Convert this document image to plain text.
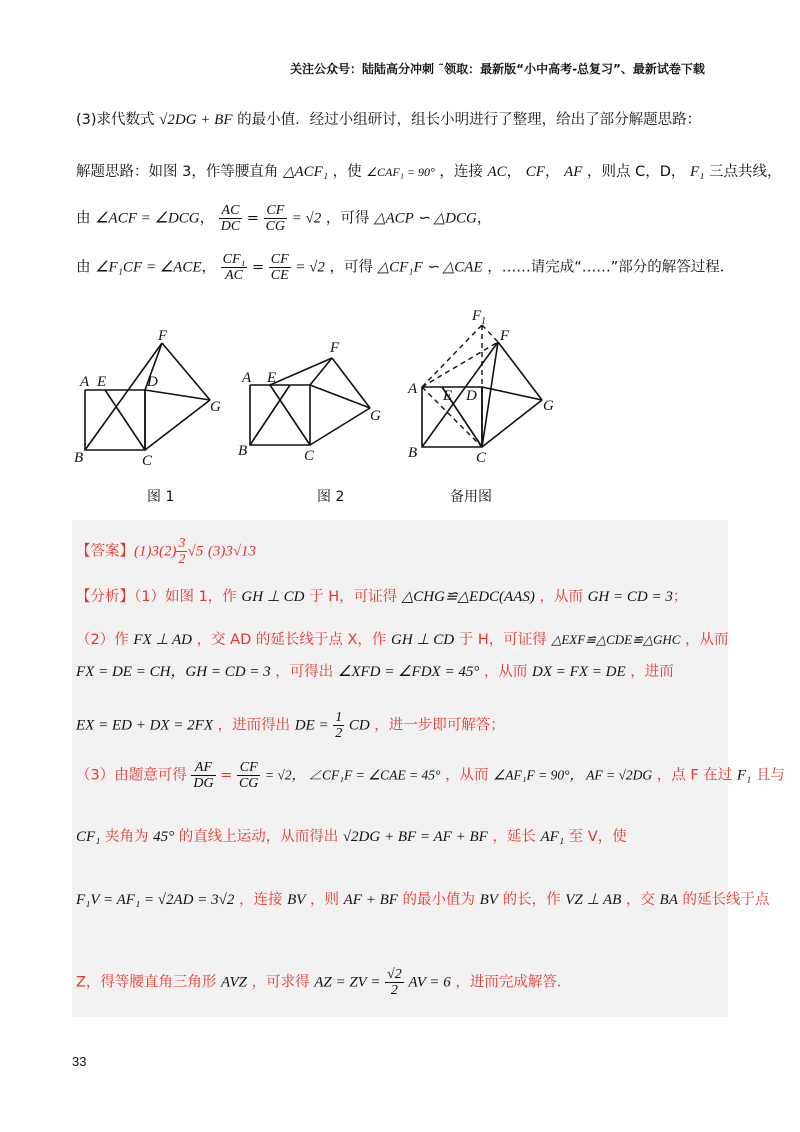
关注公众号：陆陆高分冲刺 ˜领取：最新版“小中高考-总复习”、最新试卷下载
(3)求代数式 √2DG + BF 的最小值．经过小组研讨，组长小明进行了整理，给出了部分解题思路：
解题思路：如图 3，作等腰直角 △ACF₁ ，使 ∠CAF₁ = 90° ，连接 AC， CF， AF ，则点 C，D， F₁ 三点共线，
由 ∠ACF = ∠DCG， $\frac{AC}{DC} = \frac{CF}{CG} = √2$ ，可得 △ACP ∽ △DCG，
由 ∠F₁CF = ∠ACE， $\frac{\text{CF₁}}{AC} = \frac{CF}{CE} = √2$ ，可得 △CF₁F ∽ △CAE ，……请完成“……”部分的解答过程．
F
A E	D
G
B	C
F
A E
G
B	C
F 1
F
A E D
G
B	C
图 1	图 2	备用图
【答案】$(1)3(2) \frac{3}{2} √5$ (3)3√13
【分析】（1）如图 1，作 GH ⊥ CD 于 H，可证得 △CHG≌△EDC(AAS) ，从而 GH = CD = 3；
（2）作 FX ⊥ AD ，交 AD 的延长线于点 X，作 GH ⊥ CD 于 H，可证得 △EXF≌△CDE≌△GHC ，从而
FX = DE = CH，GH = CD = 3 ，可得出 ∠XFD = ∠FDX = 45° ，从而 DX = FX = DE ，进而
EX = ED + DX = 2FX ，进而得出 DE = $\frac{1}{2}$ CD ，进一步即可解答；
（3）由题意可得 $\frac{AF}{DG} = \frac{CF}{CG} = √2$， ∠CF₁F = ∠CAE = 45° ，从而 ∠AF₁F = 90°， AF = √2DG ，点 F 在过 F₁ 且与
CF₁ 夹角为 45° 的直线上运动，从而得出 √2DG + BF = AF + BF ，延长 AF₁ 至 V，使
F₁V = AF₁ = √2AD = 3√2 ，连接 BV ，则 AF + BF 的最小值为 BV 的长，作 VZ ⊥ AB ，交 BA 的延长线于点
Z，得等腰直角三角形 AVZ ，可求得 AZ = ZV = $\frac{√2}{2}$ AV = 6 ，进而完成解答．
33
